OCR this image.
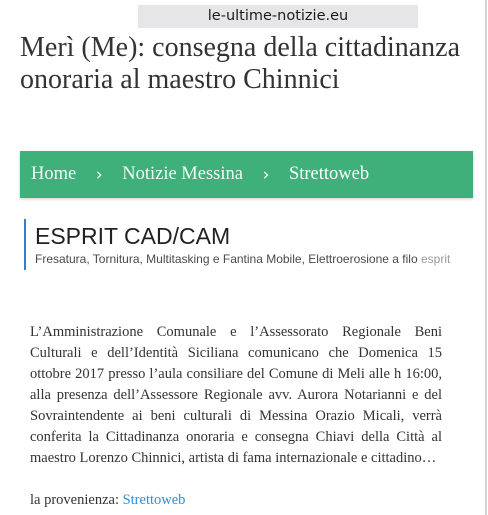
le-ultime-notizie.eu
Merì (Me): consegna della cittadinanza onoraria al maestro Chinnici
Home	›	Notizie Messina	›	Strettoweb
ESPRIT CAD/CAM
Fresatura, Tornitura, Multitasking e Fantina Mobile, Elettroerosione a filo esprit

L’Amministrazione Comunale e l’Assessorato Regionale Beni Culturali e dell’Identità Siciliana comunicano che Domenica 15 ottobre 2017 presso l’aula consiliare del Comune di Meli alle h 16:00, alla presenza dell’Assessore Regionale avv. Aurora Notarianni e del Sovraintendente ai beni culturali di Messina Orazio Micali, verrà conferita la Cittadinanza onoraria e consegna Chiavi della Città al maestro Lorenzo Chinnici, artista di fama internazionale e cittadino…

la provenienza: Strettoweb
